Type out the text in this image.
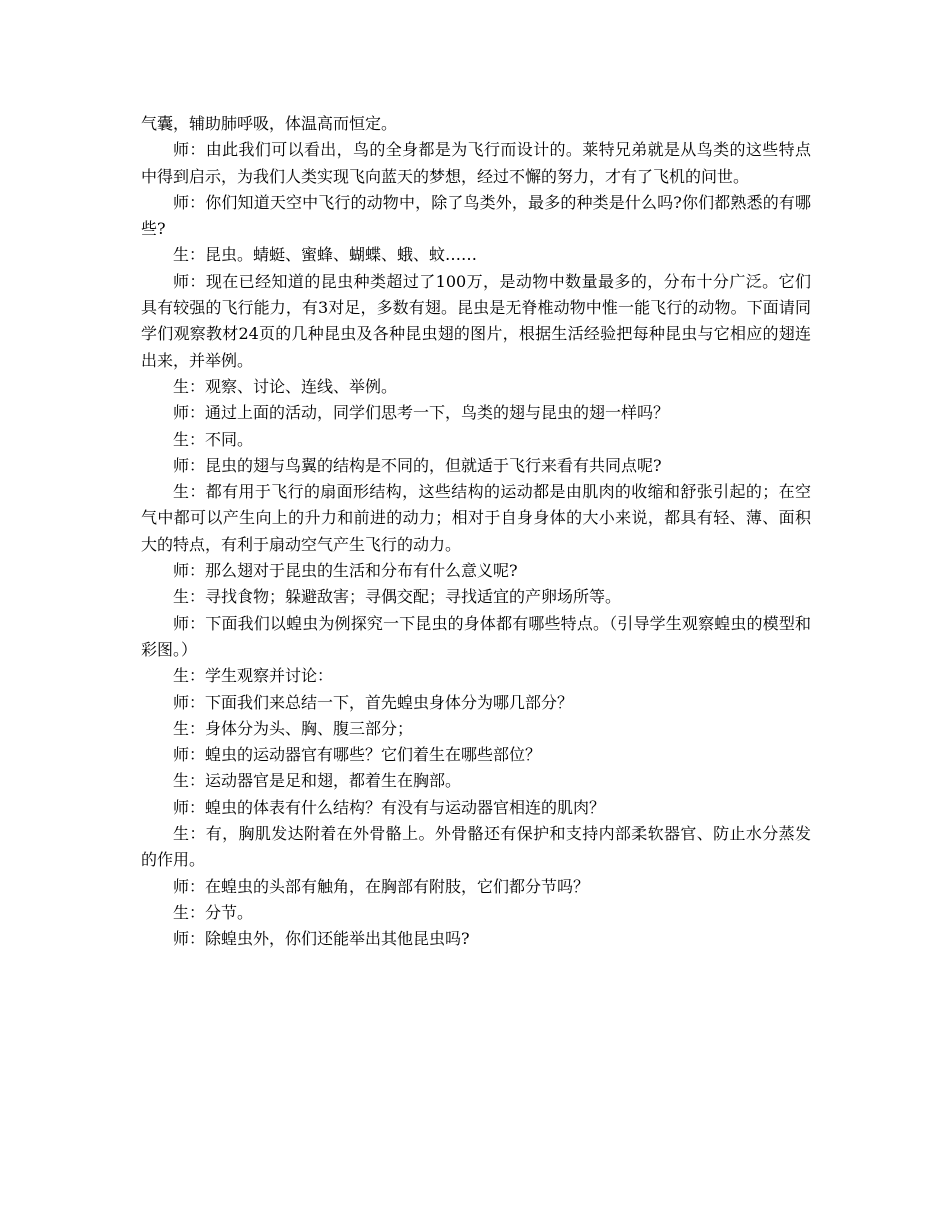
气囊，辅助肺呼吸，体温高而恒定。

师：由此我们可以看出，鸟的全身都是为飞行而设计的。莱特兄弟就是从鸟类的这些特点中得到启示，为我们人类实现飞向蓝天的梦想，经过不懈的努力，才有了飞机的问世。

师：你们知道天空中飞行的动物中，除了鸟类外，最多的种类是什么吗?你们都熟悉的有哪些?

生：昆虫。蜻蜓、蜜蜂、蝴蝶、蛾、蚊……

师：现在已经知道的昆虫种类超过了100万，是动物中数量最多的，分布十分广泛。它们具有较强的飞行能力，有3对足，多数有翅。昆虫是无脊椎动物中惟一能飞行的动物。下面请同学们观察教材24页的几种昆虫及各种昆虫翅的图片，根据生活经验把每种昆虫与它相应的翅连出来，并举例。

生：观察、讨论、连线、举例。

师：通过上面的活动，同学们思考一下，鸟类的翅与昆虫的翅一样吗？

生：不同。

师：昆虫的翅与鸟翼的结构是不同的，但就适于飞行来看有共同点呢?

生：都有用于飞行的扇面形结构，这些结构的运动都是由肌肉的收缩和舒张引起的；在空气中都可以产生向上的升力和前进的动力；相对于自身身体的大小来说，都具有轻、薄、面积大的特点，有利于扇动空气产生飞行的动力。

师：那么翅对于昆虫的生活和分布有什么意义呢?

生：寻找食物；躲避敌害；寻偶交配；寻找适宜的产卵场所等。

师：下面我们以蝗虫为例探究一下昆虫的身体都有哪些特点。（引导学生观察蝗虫的模型和彩图。）

生：学生观察并讨论：

师：下面我们来总结一下，首先蝗虫身体分为哪几部分？

生：身体分为头、胸、腹三部分；

师：蝗虫的运动器官有哪些？它们着生在哪些部位？

生：运动器官是足和翅，都着生在胸部。

师：蝗虫的体表有什么结构？有没有与运动器官相连的肌肉？

生：有，胸肌发达附着在外骨骼上。外骨骼还有保护和支持内部柔软器官、防止水分蒸发的作用。

师：在蝗虫的头部有触角，在胸部有附肢，它们都分节吗？

生：分节。

师：除蝗虫外，你们还能举出其他昆虫吗?
